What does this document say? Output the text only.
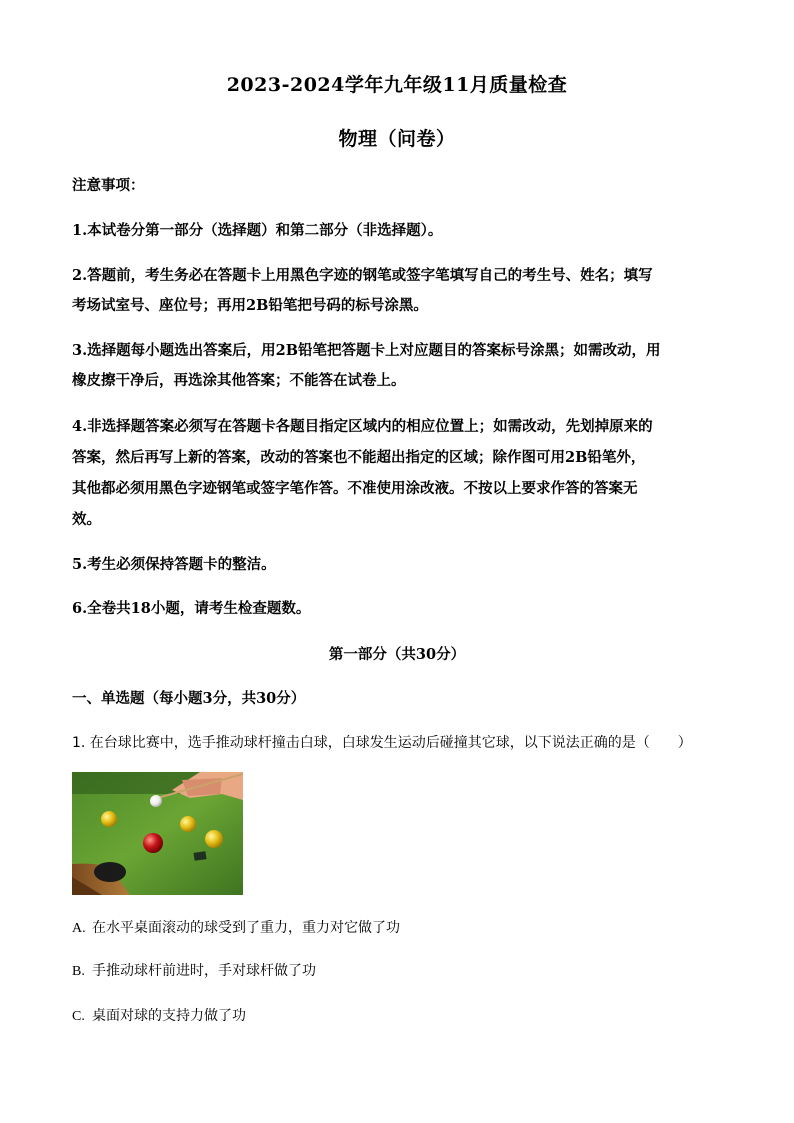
2023-2024学年九年级11月质量检查
物理（问卷）
注意事项：
1.本试卷分第一部分（选择题）和第二部分（非选择题）。
2.答题前，考生务必在答题卡上用黑色字迹的钢笔或签字笔填写自己的考生号、姓名；填写
考场试室号、座位号；再用2B铅笔把号码的标号涂黑。
3.选择题每小题选出答案后，用2B铅笔把答题卡上对应题目的答案标号涂黑；如需改动，用
橡皮擦干净后，再选涂其他答案；不能答在试卷上。
4.非选择题答案必须写在答题卡各题目指定区域内的相应位置上；如需改动，先划掉原来的
答案，然后再写上新的答案，改动的答案也不能超出指定的区域；除作图可用2B铅笔外，
其他都必须用黑色字迹钢笔或签字笔作答。不准使用涂改液。不按以上要求作答的答案无
效。
5.考生必须保持答题卡的整洁。
6.全卷共18小题，请考生检查题数。
第一部分（共30分）
一、单选题（每小题3分，共30分）
1. 在台球比赛中，选手推动球杆撞击白球，白球发生运动后碰撞其它球，以下说法正确的是（　　）
A. 在水平桌面滚动的球受到了重力，重力对它做了功
B. 手推动球杆前进时，手对球杆做了功
C. 桌面对球的支持力做了功
